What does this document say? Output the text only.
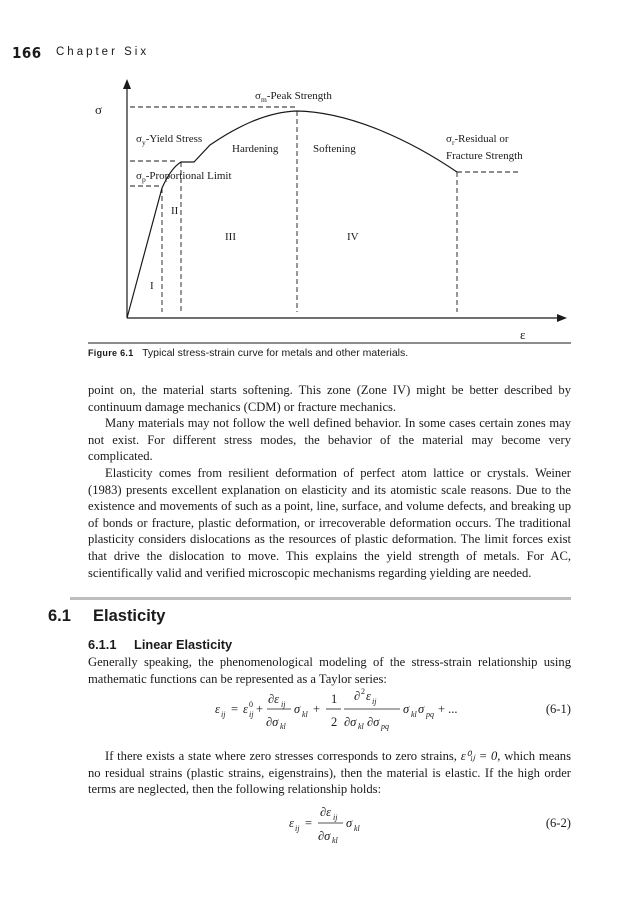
166 Chapter Six
σ
ε
$\sigma_m$-Peak Strength
$\sigma_y$-Yield Stress
$\sigma_p$-Proportional Limit
$\sigma_r$-Residual or
Fracture Strength
Hardening	Softening
I
II
III	IV
Figure 6.1 Typical stress-strain curve for metals and other materials.

point on, the material starts softening. This zone (Zone IV) might be better described by continuum damage mechanics (CDM) or fracture mechanics.

Many materials may not follow the well defined behavior. In some cases certain zones may not exist. For different stress modes, the behavior of the material may become very complicated.

Elasticity comes from resilient deformation of perfect atom lattice or crystals. Weiner (1983) presents excellent explanation on elasticity and its atomistic scale reasons. Due to the existence and movements of such as a point, line, surface, and volume defects, and breaking up of bonds or fracture, plastic deformation, or irrecoverable deformation occurs. The traditional plasticity considers dislocations as the resources of plastic deformation. The limit forces exist that drive the dislocation to move. This explains the yield strength of metals. For AC, scientifically valid and verified microscopic mechanisms regarding yielding are needed.

6.1 Elasticity
6.1.1 Linear Elasticity

Generally speaking, the phenomenological modeling of the stress-strain relationship using mathematic functions can be represented as a Taylor series:

ε ij = ε 0
ij +
∂ε ij
∂σ kl
σ kl +
1
2
∂ 2 ε ij
∂σ kl ∂σ pq
σ kl σ pq + ...	(6-1)

If there exists a state where zero stresses corresponds to zero strains, ε⁰ᵢⱼ = 0, which means no residual strains (plastic strains, eigenstrains), then the material is elastic. If the high order terms are neglected, then the following relationship holds:

ε ij =
∂ε ij
∂σ kl
σ kl	(6-2)
